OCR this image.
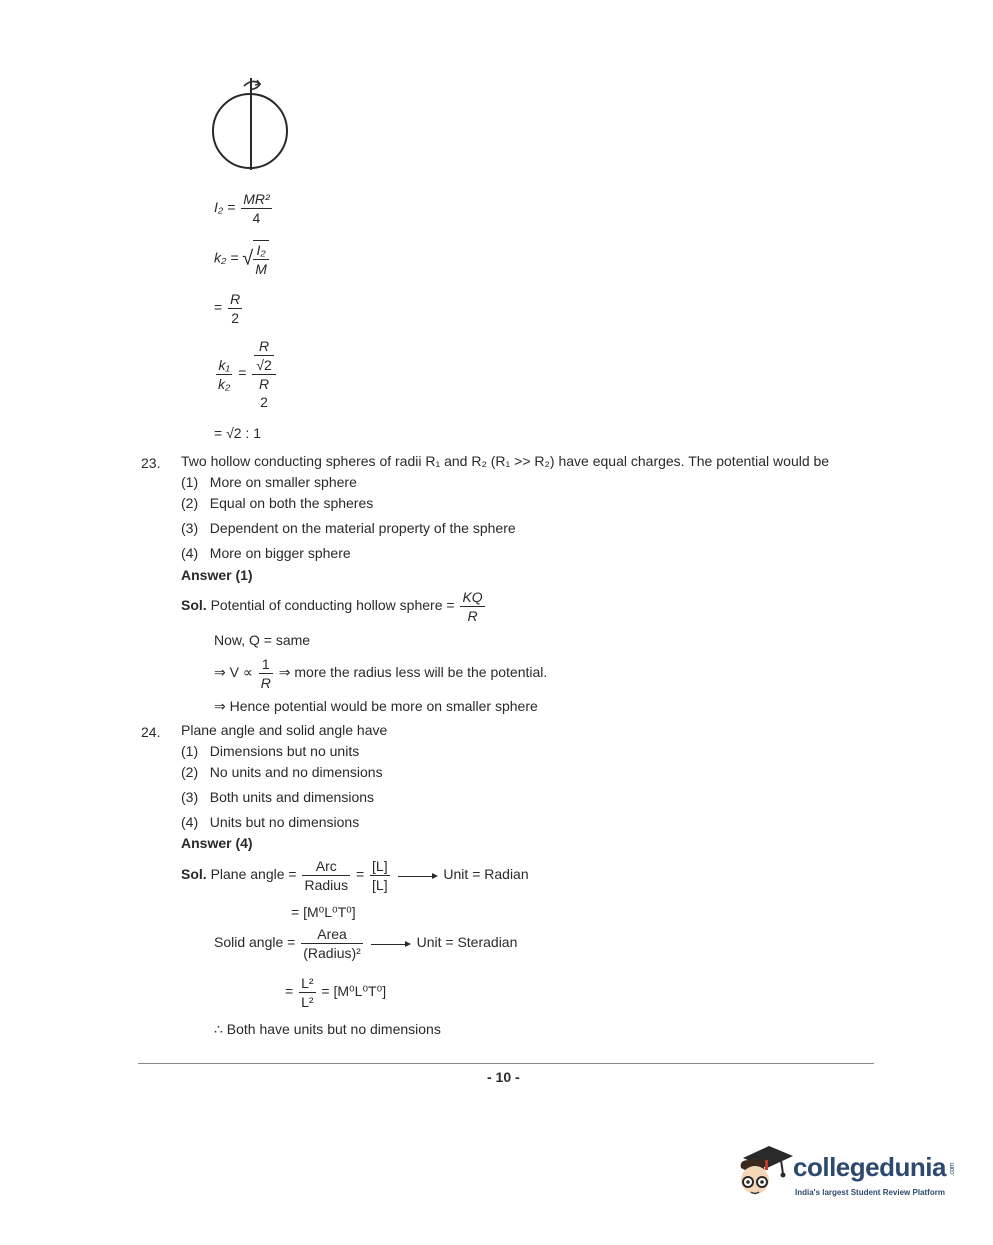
$I_2 = \frac{\text{MR²}}{4}$
k₂ = √ $\frac{\text{I₂}}{M}$
= $\frac{R}{2}$
$\frac{\text{k₁}}{\text{k₂}} = \frac{R}{√2}$
R
2
= √2 : 1
23. Two hollow conducting spheres of radii R₁ and R₂ (R₁ >> R₂) have equal charges. The potential would be
(1) More on smaller sphere
(2) Equal on both the spheres
(3) Dependent on the material property of the sphere
(4) More on bigger sphere
Answer (1)
Sol. Potential of conducting hollow sphere = $\frac{KQ}{R}$
Now, Q = same
⇒ $V \propto \frac{1}{R}$ ⇒ more the radius less will be the potential.
⇒ Hence potential would be more on smaller sphere
24. Plane angle and solid angle have
(1) Dimensions but no units
(2) No units and no dimensions
(3) Both units and dimensions
(4) Units but no dimensions
Answer (4)
Sol. Plane angle = $\frac{\text{Arc}}{\text{Radius}} = \frac{[L]}{[L]}$	Unit = Radian
= [M⁰L⁰T⁰]
Solid angle = $\frac{\text{Area}}{\text{(Radius)²}}$	Unit = Steradian
= $\frac{\text{L²}}{\text{L²}} = [M^0L^0T^0]$
∴ Both have units but no dimensions
- 10 -
collegedunia .com
India's largest Student Review Platform
